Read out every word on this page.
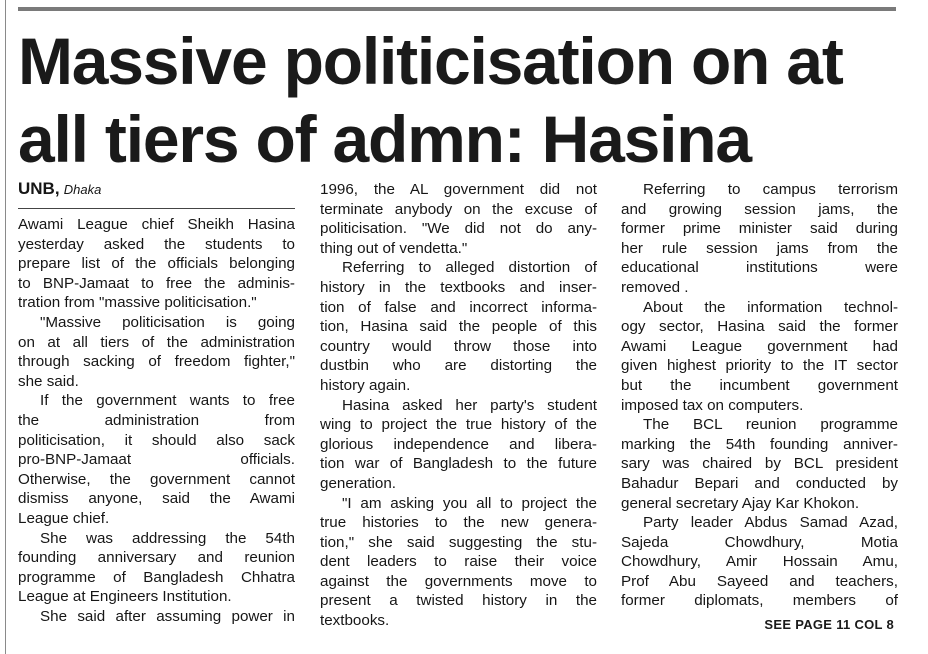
Massive politicisation on at
all tiers of admn: Hasina
UNB, Dhaka
Awami League chief Sheikh Hasina
yesterday asked the students to
prepare list of the officials belonging
to BNP-Jamaat to free the adminis-
tration from "massive politicisation."
"Massive politicisation is going
on at all tiers of the administration
through sacking of freedom fighter,"
she said.
If the government wants to free
the administration from
politicisation, it should also sack
pro-BNP-Jamaat officials.
Otherwise, the government cannot
dismiss anyone, said the Awami
League chief.
She was addressing the 54th
founding anniversary and reunion
programme of Bangladesh Chhatra
League at Engineers Institution.
She said after assuming power in
1996, the AL government did not
terminate anybody on the excuse of
politicisation. "We did not do any-
thing out of vendetta."
Referring to alleged distortion of
history in the textbooks and inser-
tion of false and incorrect informa-
tion, Hasina said the people of this
country would throw those into
dustbin who are distorting the
history again.
Hasina asked her party's student
wing to project the true history of the
glorious independence and libera-
tion war of Bangladesh to the future
generation.
"I am asking you all to project the
true histories to the new genera-
tion," she said suggesting the stu-
dent leaders to raise their voice
against the governments move to
present a twisted history in the
textbooks.
Referring to campus terrorism
and growing session jams, the
former prime minister said during
her rule session jams from the
educational institutions were
removed .
About the information technol-
ogy sector, Hasina said the former
Awami League government had
given highest priority to the IT sector
but the incumbent government
imposed tax on computers.
The BCL reunion programme
marking the 54th founding anniver-
sary was chaired by BCL president
Bahadur Bepari and conducted by
general secretary Ajay Kar Khokon.
Party leader Abdus Samad Azad,
Sajeda Chowdhury, Motia
Chowdhury, Amir Hossain Amu,
Prof Abu Sayeed and teachers,
former diplomats, members of
SEE PAGE 11 COL 8
